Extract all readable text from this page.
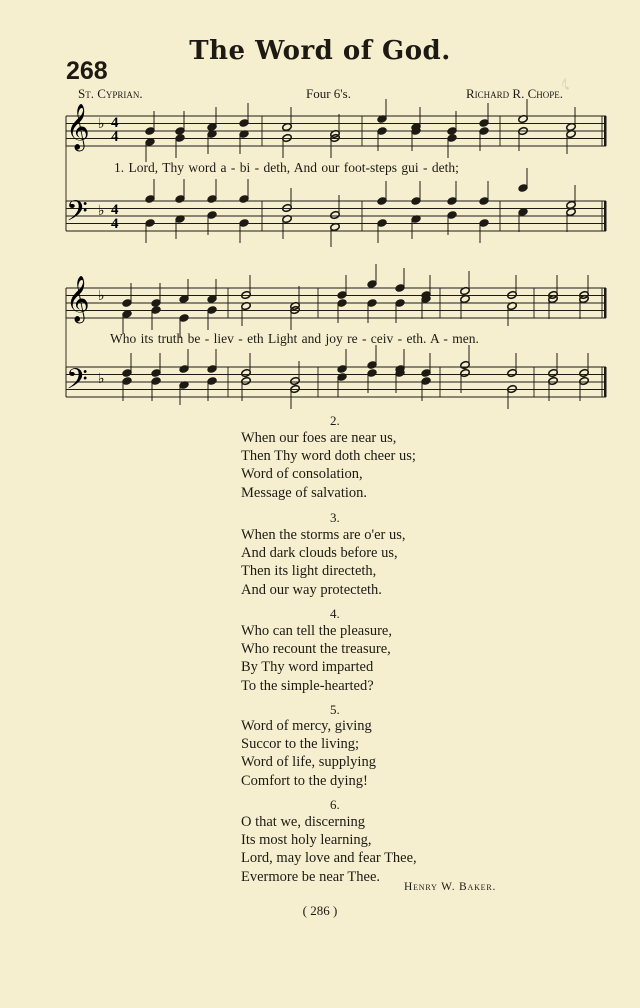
♪
The Word of God.
268
St. Cyprian.	Four 6's.	Richard R. Chope.
𝄞
𝄢
♭
♭
4
4
4
4
𝄞
𝄢
♭
♭
1. Lord, Thy word a - bi - deth, And our foot-steps gui - deth;
Who its truth be - liev - eth Light and joy re - ceiv - eth. A - men.
2.
When our foes are near us,
Then Thy word doth cheer us;
Word of consolation,
Message of salvation.
3.
When the storms are o'er us,
And dark clouds before us,
Then its light directeth,
And our way protecteth.
4.
Who can tell the pleasure,
Who recount the treasure,
By Thy word imparted
To the simple-hearted?
5.
Word of mercy, giving
Succor to the living;
Word of life, supplying
Comfort to the dying!
6.
O that we, discerning
Its most holy learning,
Lord, may love and fear Thee,
Evermore be near Thee.
Henry W. Baker.
( 286 )
